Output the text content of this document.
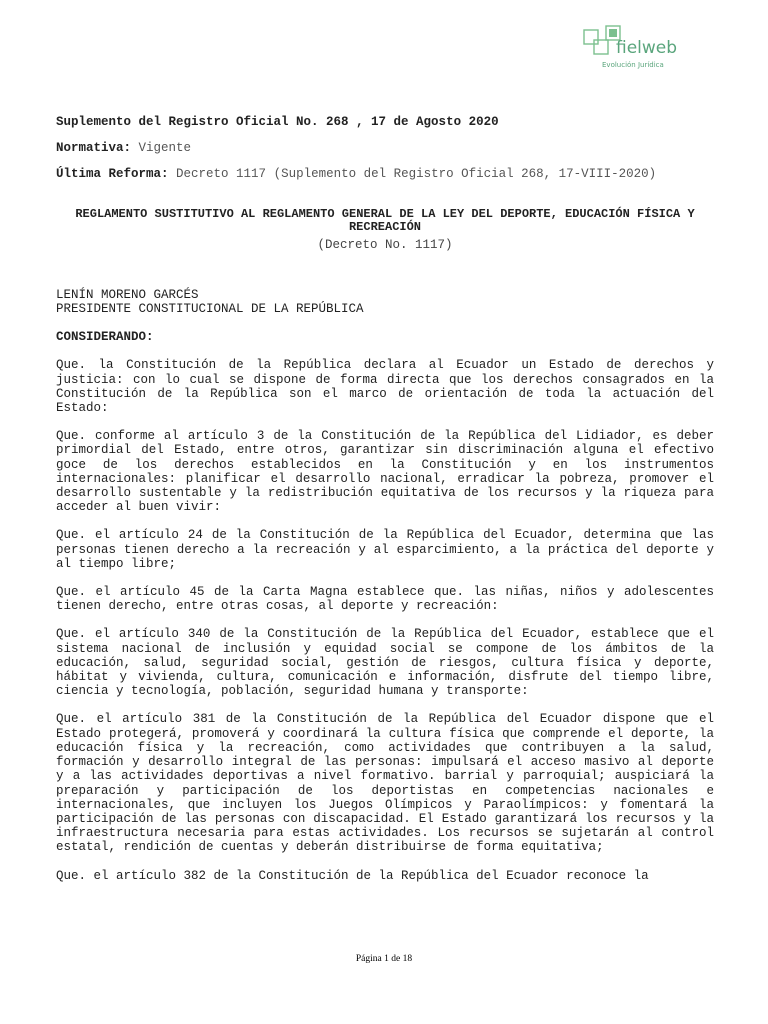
fielweb
Evolución Jurídica

Suplemento del Registro Oficial No. 268 , 17 de Agosto 2020

Normativa: Vigente

Última Reforma: Decreto 1117 (Suplemento del Registro Oficial 268, 17-VIII-2020)

REGLAMENTO SUSTITUTIVO AL REGLAMENTO GENERAL DE LA LEY DEL DEPORTE, EDUCACIÓN FÍSICA Y RECREACIÓN

(Decreto No. 1117)

LENÍN MORENO GARCÉS

PRESIDENTE CONSTITUCIONAL DE LA REPÚBLICA

CONSIDERANDO:

Que. la Constitución de la República declara al Ecuador un Estado de derechos y justicia: con lo cual se dispone de forma directa que los derechos consagrados en la Constitución de la República son el marco de orientación de toda la actuación del Estado:

Que. conforme al artículo 3 de la Constitución de la República del Lidiador, es deber primordial del Estado, entre otros, garantizar sin discriminación alguna el efectivo goce de los derechos establecidos en la Constitución y en los instrumentos internacionales: planificar el desarrollo nacional, erradicar la pobreza, promover el desarrollo sustentable y la redistribución equitativa de los recursos y la riqueza para acceder al buen vivir:

Que. el artículo 24 de la Constitución de la República del Ecuador, determina que las personas tienen derecho a la recreación y al esparcimiento, a la práctica del deporte y al tiempo libre;

Que. el artículo 45 de la Carta Magna establece que. las niñas, niños y adolescentes tienen derecho, entre otras cosas, al deporte y recreación:

Que. el artículo 340 de la Constitución de la República del Ecuador, establece que el sistema nacional de inclusión y equidad social se compone de los ámbitos de la educación, salud, seguridad social, gestión de riesgos, cultura física y deporte, hábitat y vivienda, cultura, comunicación e información, disfrute del tiempo libre, ciencia y tecnología, población, seguridad humana y transporte:

Que. el artículo 381 de la Constitución de la República del Ecuador dispone que el Estado protegerá, promoverá y coordinará la cultura física que comprende el deporte, la educación física y la recreación, como actividades que contribuyen a la salud, formación y desarrollo integral de las personas: impulsará el acceso masivo al deporte y a las actividades deportivas a nivel formativo. barrial y parroquial; auspiciará la preparación y participación de los deportistas en competencias nacionales e internacionales, que incluyen los Juegos Olímpicos y Paraolímpicos: y fomentará la participación de las personas con discapacidad. El Estado garantizará los recursos y la infraestructura necesaria para estas actividades. Los recursos se sujetarán al control estatal, rendición de cuentas y deberán distribuirse de forma equitativa;

Que. el artículo 382 de la Constitución de la República del Ecuador reconoce la

Página 1 de 18
